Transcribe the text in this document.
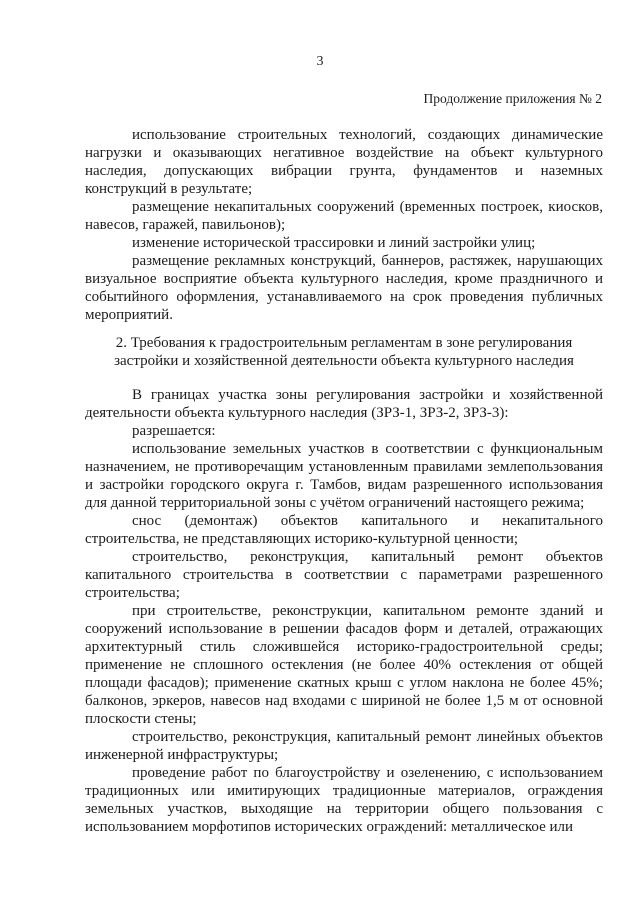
3
Продолжение приложения № 2

использование строительных технологий, создающих динамические нагрузки и оказывающих негативное воздействие на объект культурного наследия, допускающих вибрации грунта, фундаментов и наземных конструкций в результате;

размещение некапитальных сооружений (временных построек, киосков, навесов, гаражей, павильонов);

изменение исторической трассировки и линий застройки улиц;

размещение рекламных конструкций, баннеров, растяжек, нарушающих визуальное восприятие объекта культурного наследия, кроме праздничного и событийного оформления, устанавливаемого на срок проведения публичных мероприятий.

2. Требования к градостроительным регламентам в зоне регулирования

застройки и хозяйственной деятельности объекта культурного наследия

В границах участка зоны регулирования застройки и хозяйственной деятельности объекта культурного наследия (ЗРЗ-1, ЗРЗ-2, ЗРЗ-3):

разрешается:

использование земельных участков в соответствии с функциональным назначением, не противоречащим установленным правилами землепользования и застройки городского округа г. Тамбов, видам разрешенного использования для данной территориальной зоны с учётом ограничений настоящего режима;

снос (демонтаж) объектов капитального и некапитального строительства, не представляющих историко-культурной ценности;

строительство, реконструкция, капитальный ремонт объектов капитального строительства в соответствии с параметрами разрешенного строительства;

при строительстве, реконструкции, капитальном ремонте зданий и сооружений использование в решении фасадов форм и деталей, отражающих архитектурный стиль сложившейся историко-градостроительной среды; применение не сплошного остекления (не более 40% остекления от общей площади фасадов); применение скатных крыш с углом наклона не более 45%; балконов, эркеров, навесов над входами с шириной не более 1,5 м от основной плоскости стены;

строительство, реконструкция, капитальный ремонт линейных объектов инженерной инфраструктуры;

проведение работ по благоустройству и озеленению, с использованием традиционных или имитирующих традиционные материалов, ограждения земельных участков, выходящие на территории общего пользования с использованием морфотипов исторических ограждений: металлическое или
